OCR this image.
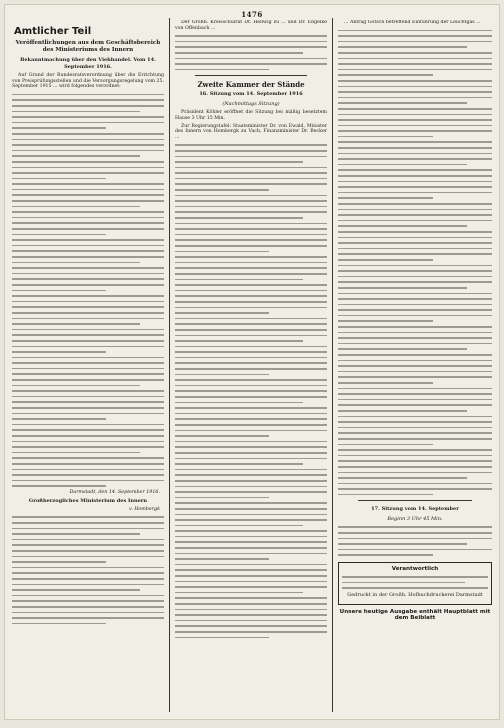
1476
Amtlicher Teil
Veröffentlichungen aus dem Geschäftsbereich des Ministeriums des Innern
Bekanntmachung über den Viehhandel. Vom 14. September 1916.

Auf Grund der Bundesratsverordnung über die Errichtung von Preisprüfungsstellen und die Versorgungsregelung vom 25. September 1915 ... wird folgendes verordnet:

Darmstadt, den 14. September 1916.
Großherzogliches Ministerium des Innern
v. Hombergk

Der Großh. Kreisschulrat Dr. Hellwig zu ... und Dr. Engelke von Offenbach ...

Zweite Kammer der Stände
16. Sitzung vom 14. September 1916
(Nachmittags Sitzung)

Präsident Köhler eröffnet die Sitzung bei mäßig besetztem Hause 3 Uhr 15 Min.

Zur Regierungstafel: Staatsminister Dr. von Ewald, Minister des Innern von Hombergk zu Vach, Finanzminister Dr. Becker ...

... Antrag Gotsch betreffend Einführung der Leuchtgas ...

17. Sitzung vom 14. September
Beginn 3 Uhr 45 Min.
Verantwortlich
Gedruckt in der Großh. Hofbuchdruckerei Darmstadt
Unsere heutige Ausgabe enthält Hauptblatt mit dem Beiblatt
